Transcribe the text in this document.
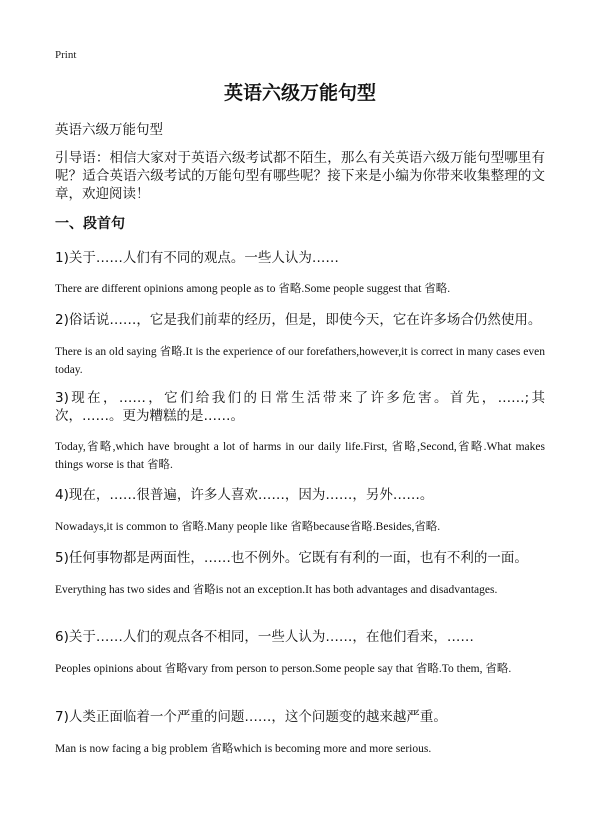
Print
英语六级万能句型

英语六级万能句型

引导语：相信大家对于英语六级考试都不陌生，那么有关英语六级万能句型哪里有呢？适合英语六级考试的万能句型有哪些呢？接下来是小编为你带来收集整理的文章，欢迎阅读！

一、段首句

1)关于……人们有不同的观点。一些人认为……

There are different opinions among people as to 省略.Some people suggest that 省略.

2)俗话说……，它是我们前辈的经历，但是，即使今天，它在许多场合仍然使用。

There is an old saying 省略.It is the experience of our forefathers,however,it is correct in many cases even today.

3)现在，……，它们给我们的日常生活带来了许多危害。首先，……;其次，……。更为糟糕的是……。

Today,省略,which have brought a lot of harms in our daily life.First, 省略,Second,省略.What makes things worse is that 省略.

4)现在，……很普遍，许多人喜欢……，因为……，另外……。

Nowadays,it is common to 省略.Many people like 省略because省略.Besides,省略.

5)任何事物都是两面性，……也不例外。它既有有利的一面，也有不利的一面。

Everything has two sides and 省略is not an exception.It has both advantages and disadvantages.

6)关于……人们的观点各不相同，一些人认为……，在他们看来，……

Peoples opinions about 省略vary from person to person.Some people say that 省略.To them, 省略.

7)人类正面临着一个严重的问题……，这个问题变的越来越严重。

Man is now facing a big problem 省略which is becoming more and more serious.
